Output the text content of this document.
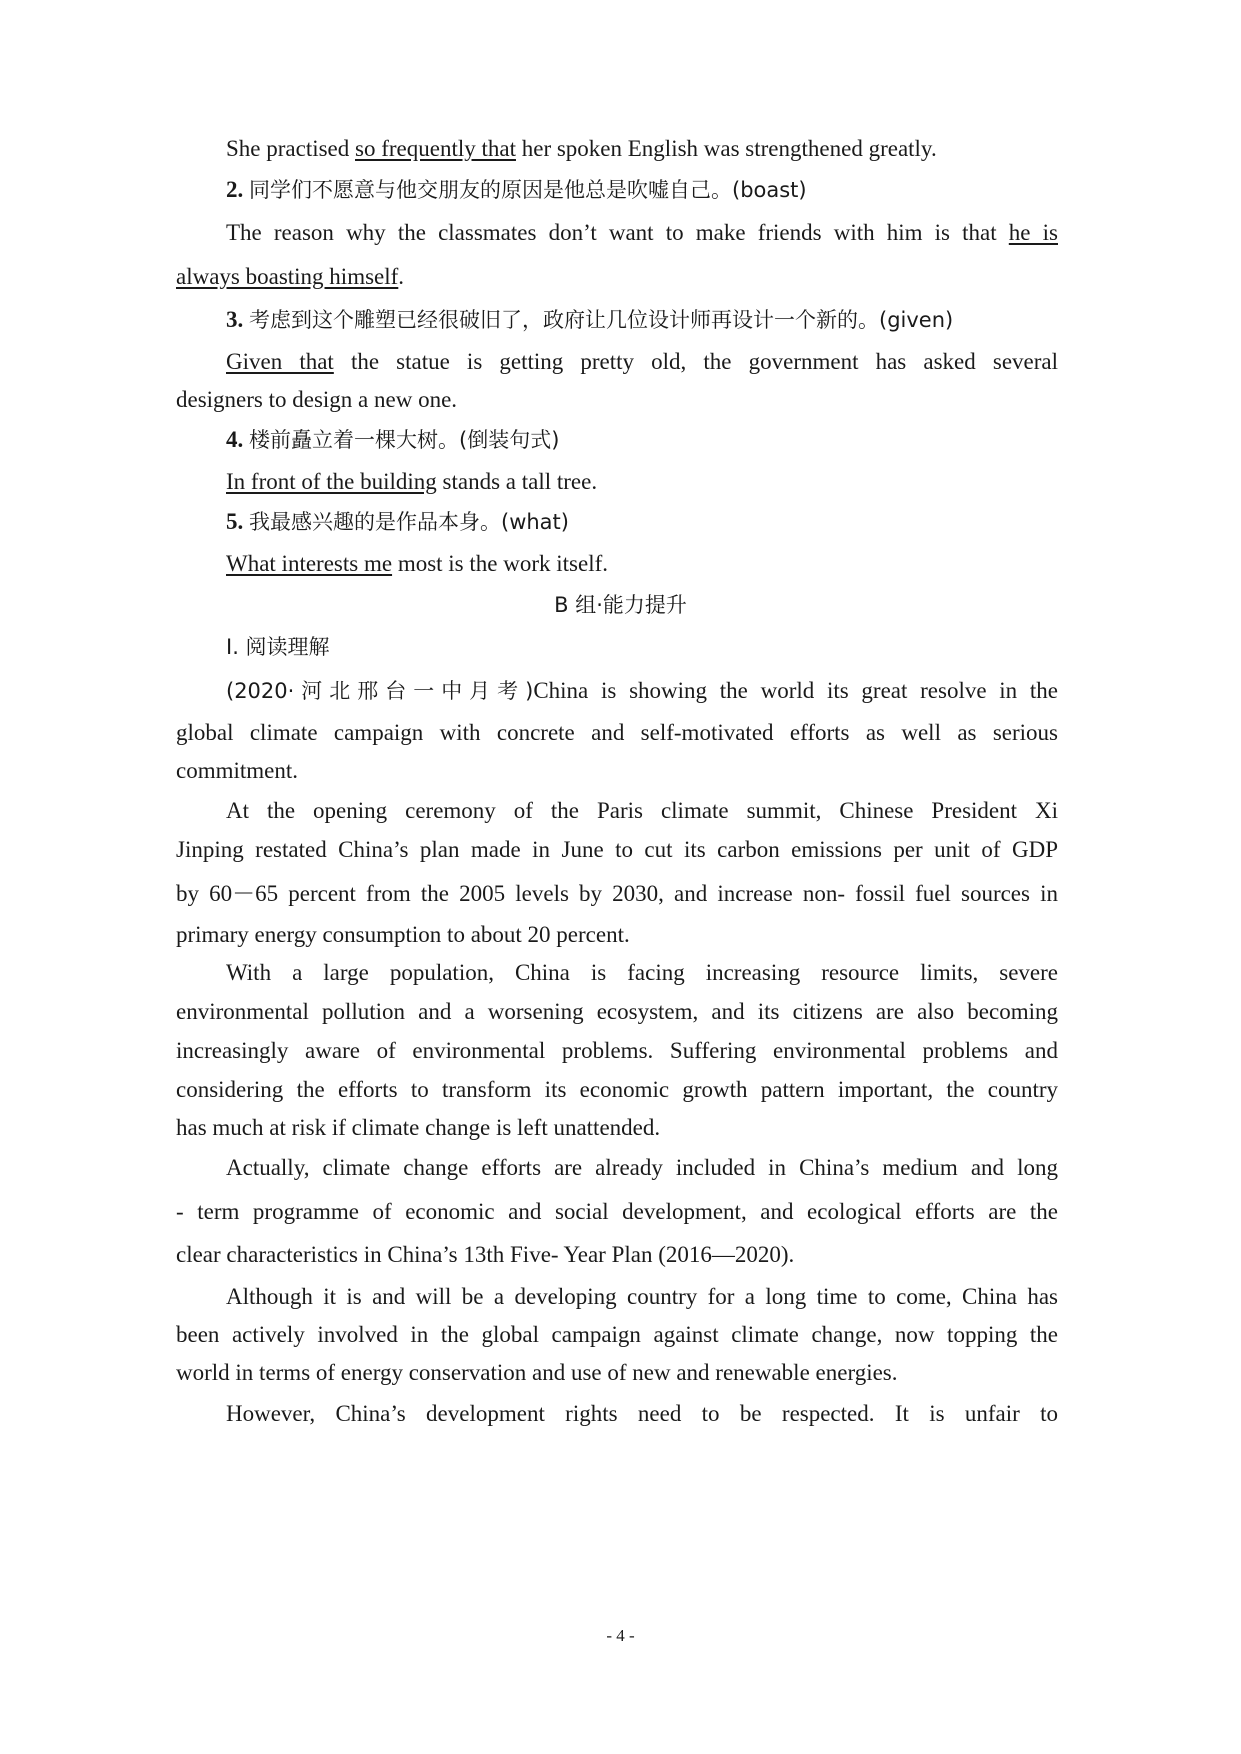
She practised so frequently that her spoken English was strengthened greatly.
2. 同学们不愿意与他交朋友的原因是他总是吹嘘自己。(boast)
The reason why the classmates don’t want to make friends with him is that he is
always boasting himself.
3. 考虑到这个雕塑已经很破旧了，政府让几位设计师再设计一个新的。(given)
Given that the statue is getting pretty old, the government has asked several
designers to design a new one.
4. 楼前矗立着一棵大树。(倒装句式)
In front of the building stands a tall tree.
5. 我最感兴趣的是作品本身。(what)
What interests me most is the work itself.
B 组·能力提升
Ⅰ. 阅读理解
(2020·河北邢台一中月考)China is showing the world its great resolve in the
global climate campaign with concrete and self-motivated efforts as well as serious
commitment.
At the opening ceremony of the Paris climate summit, Chinese President Xi
Jinping restated China’s plan made in June to cut its carbon emissions per unit of GDP
by 60－65 percent from the 2005 levels by 2030, and increase non- fossil fuel sources in
primary energy consumption to about 20 percent.
With a large population, China is facing increasing resource limits, severe
environmental pollution and a worsening ecosystem, and its citizens are also becoming
increasingly aware of environmental problems. Suffering environmental problems and
considering the efforts to transform its economic growth pattern important, the country
has much at risk if climate change is left unattended.
Actually, climate change efforts are already included in China’s medium and long
- term programme of economic and social development, and ecological efforts are the
clear characteristics in China’s 13th Five- Year Plan (2016—2020).
Although it is and will be a developing country for a long time to come, China has
been actively involved in the global campaign against climate change, now topping the
world in terms of energy conservation and use of new and renewable energies.
However, China’s development rights need to be respected. It is unfair to
- 4 -
